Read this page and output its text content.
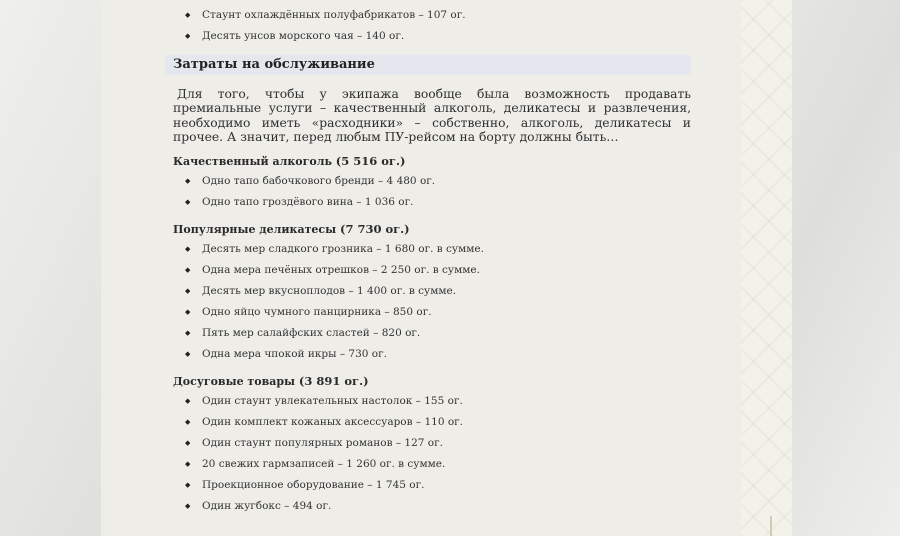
◆ Стаунт охлаждённых полуфабрикатов – 107 ог.
◆ Десять унсов морского чая – 140 ог.
Затраты на обслуживание

Для того, чтобы у экипажа вообще была возможность продавать премиальные услуги – качественный алкоголь, деликатесы и развлечения, необходимо иметь «расходники» – собственно, алкоголь, деликатесы и прочее. А значит, перед любым ПУ-рейсом на борту должны быть…

Качественный алкоголь (5 516 ог.)
◆ Одно тапо бабочкового бренди – 4 480 ог.
◆ Одно тапо гроздёвого вина – 1 036 ог.
Популярные деликатесы (7 730 ог.)
◆ Десять мер сладкого грозника – 1 680 ог. в сумме.
◆ Одна мера печёных отрешков – 2 250 ог. в сумме.
◆ Десять мер вкусноплодов – 1 400 ог. в сумме.
◆ Одно яйцо чумного панцирника – 850 ог.
◆ Пять мер салайфских сластей – 820 ог.
◆ Одна мера чпокой икры – 730 ог.
Досуговые товары (3 891 ог.)
◆ Один стаунт увлекательных настолок – 155 ог.
◆ Один комплект кожаных аксессуаров – 110 ог.
◆ Один стаунт популярных романов – 127 ог.
◆ 20 свежих гармзаписей – 1 260 ог. в сумме.
◆ Проекционное оборудование – 1 745 ог.
◆ Один жугбокс – 494 ог.
